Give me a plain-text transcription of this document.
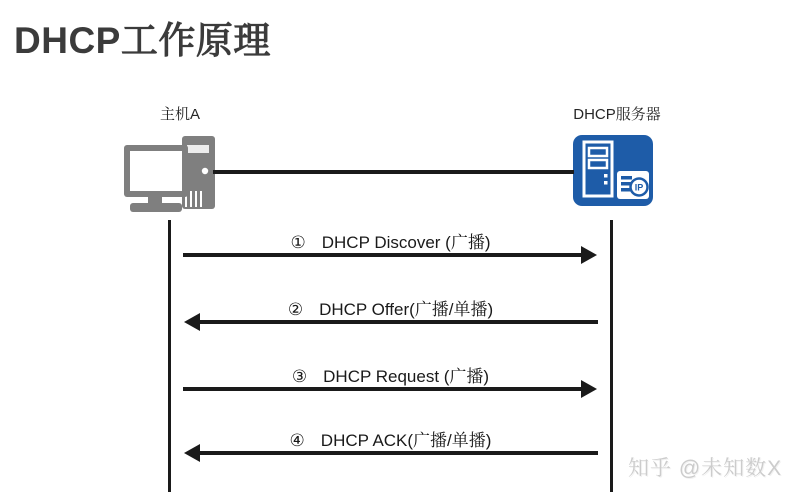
DHCP工作原理
主机A	DHCP服务器
IP
① DHCP Discover (广播)
② DHCP Offer(广播/单播)
③ DHCP Request (广播)
④ DHCP ACK(广播/单播)
知乎 @未知数X
